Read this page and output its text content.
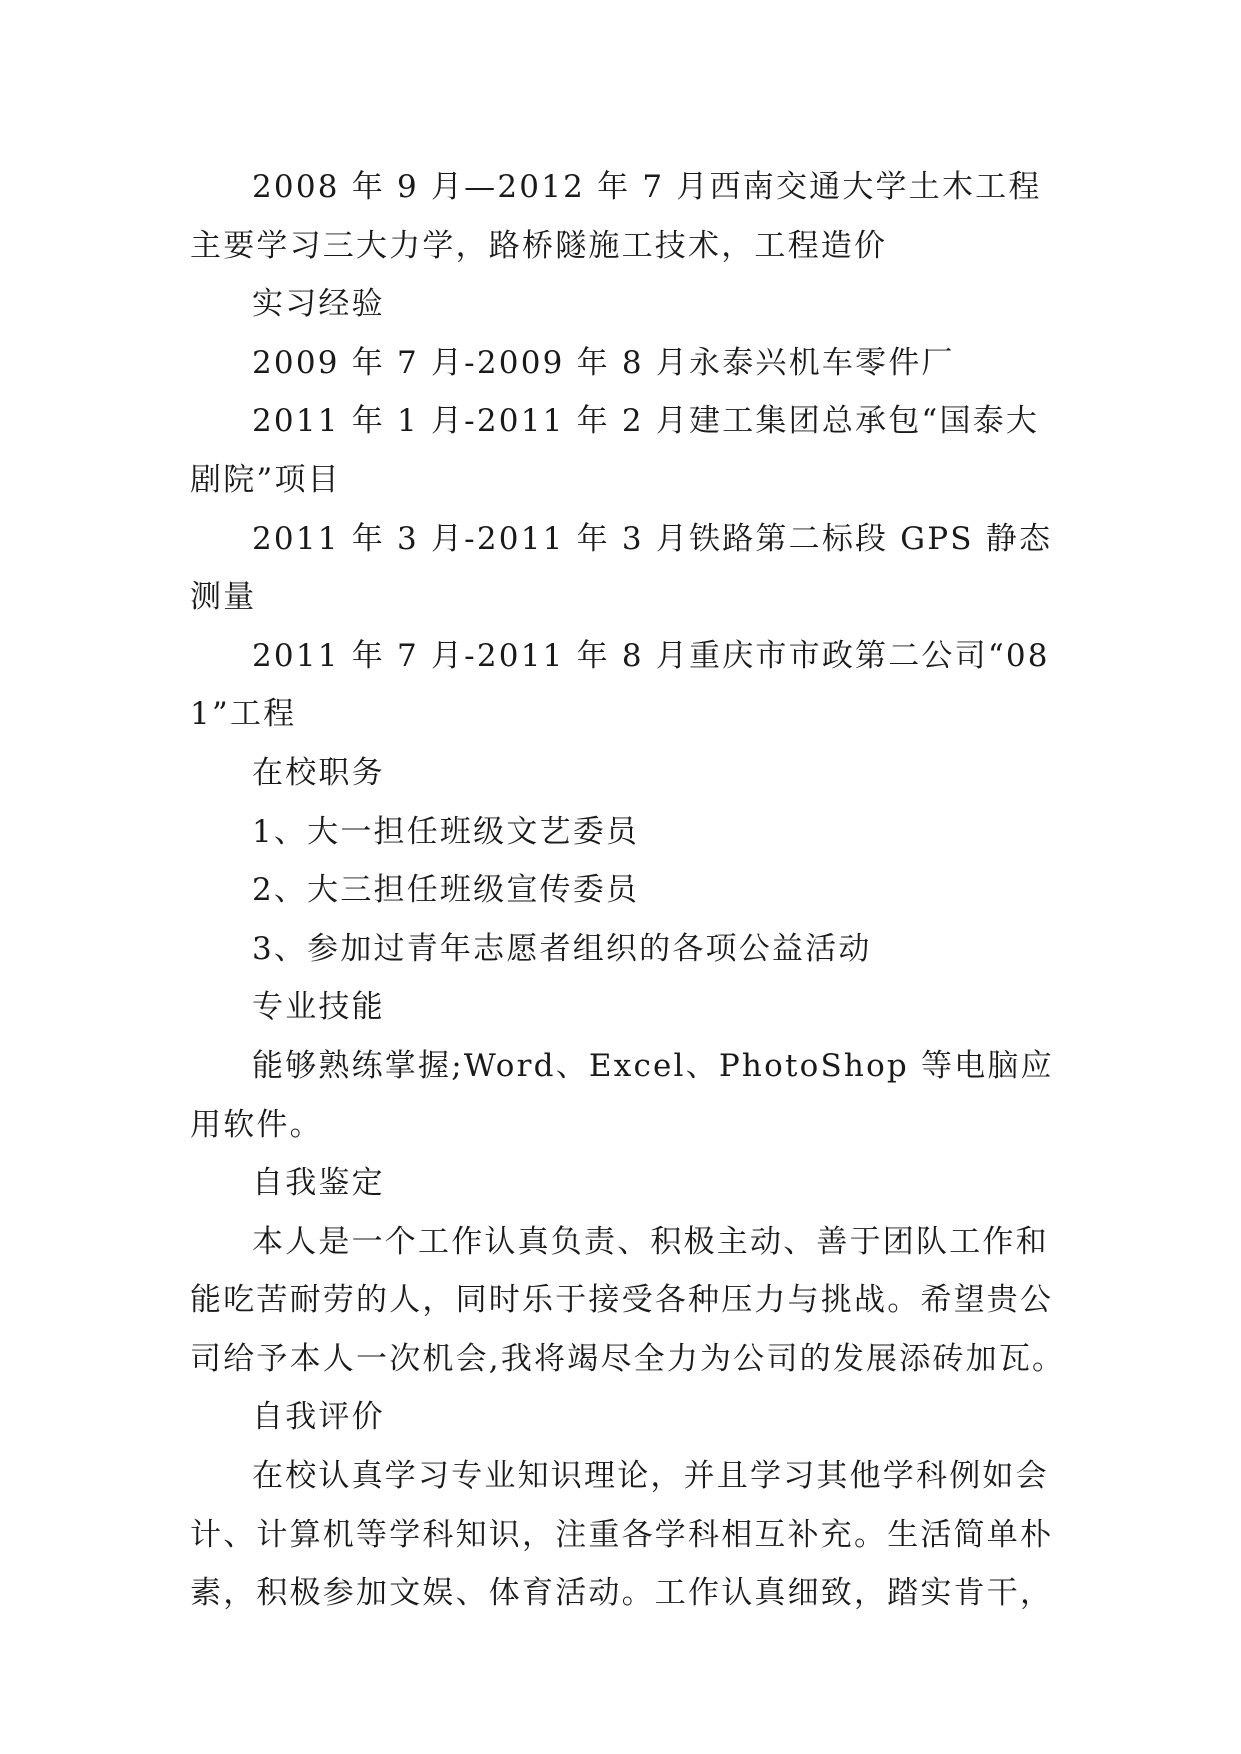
2008 年 9 月—2012 年 7 月西南交通大学土木工程主要学习三大力学，路桥隧施工技术，工程造价

实习经验

2009 年 7 月-2009 年 8 月永泰兴机车零件厂

2011 年 1 月-2011 年 2 月建工集团总承包“国泰大剧院”项目

2011 年 3 月-2011 年 3 月铁路第二标段 GPS 静态测量

2011 年 7 月-2011 年 8 月重庆市市政第二公司“081”工程

在校职务

1、大一担任班级文艺委员

2、大三担任班级宣传委员

3、参加过青年志愿者组织的各项公益活动

专业技能

能够熟练掌握;Word、Excel、PhotoShop 等电脑应用软件。

自我鉴定

本人是一个工作认真负责、积极主动、善于团队工作和能吃苦耐劳的人，同时乐于接受各种压力与挑战。希望贵公司给予本人一次机会,我将竭尽全力为公司的发展添砖加瓦。

自我评价

在校认真学习专业知识理论，并且学习其他学科例如会计、计算机等学科知识，注重各学科相互补充。生活简单朴素，积极参加文娱、体育活动。工作认真细致，踏实肯干，
